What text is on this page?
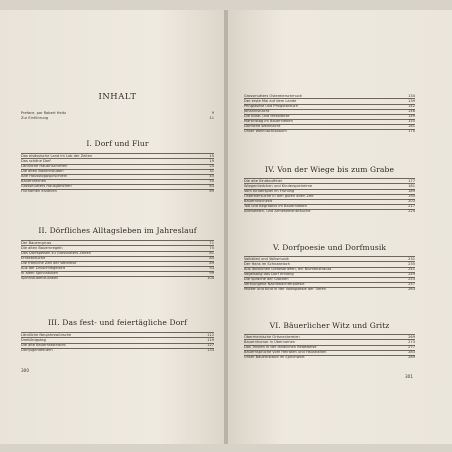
INHALT
Preface, par Robert Heitz	9
Zur Einführung	11
I. Dorf und Flur
Das elsässische Land im Lob der Zeiten	15
Das schöne Dorf	19
Ländliche Hausinschriften	25
Die alten Bauernstuben	31
Alte Hausstoppsprüchlein	45
Bauernrechen	55
Grossmutters Hausgärtchen	63
Flurnamen erzählen	69
II. Dörfliches Alltagsleben im Jahreslauf
Der Bauerngruss	71
Die alten Bauernregeln	75
Das Dorfspeisen zu Grossvaters Zeiten	81
Erntebräuche	85
Die fröhliche Zeit der Weinlese	89
Aus der Druschflegelzeit	93
In alten Spinnstuben	99
Spinnstubenkurzweil	104
III. Das fest- und feiertägliche Dorf
Ländliche Neujahrswünsche	112
Dreikönigstag	119
Die alte Bauernfastnacht	127
Dorfjugendfeuern	133
Grossmutters Ostereierschmuck	134
Der erste Mai auf dem Lande	139
Pfingstsitte und Pfingstbrauch	142
Johannisnacht	146
Die Kilbe- und Messtänze	149
Martinstag im Bauernleben	155
Dörfliche Weihnacht	161
Unser Weihnachtsbaum	170
IV. Von der Wiege bis zum Grabe
Die alte Kindtauffeier	177
Wiegenliedchen und Kinderspielreime	181
Vom Kinderspiel im Frühling	189
Ostereiersuche in den guten alten Zeit	195
Bauernhochzeit	203
Tod und Begräbnis im Bauernleben	217
Allerseelen- und Armeseelenbräuche	224
V. Dorfpoesie und Dorfmusik
Volkslied und Volksmusik	231
Der Hans im Schnakeloch	235
Aus ländlichen Liebesbriefen, ein Blumenstrauss	241
Vogelsang das Dorf entlang	249
Die Sprache der Glocken	253
Verklungene Nachtwächterpoesie	257
Mutter und Kind in der Volkspoesie der Tiefen	263
VI. Bäuerlicher Witz und Gritz
Oberrheinische Ortsneckereien	269
Bauernhumor in Übernamen	273
Das Trinken in der ländlichen Redeweise	277
Bauernsprüche vom Heiraten und Haushalten	283
Unser Bauernstand im Sprichwort	289
300
301
